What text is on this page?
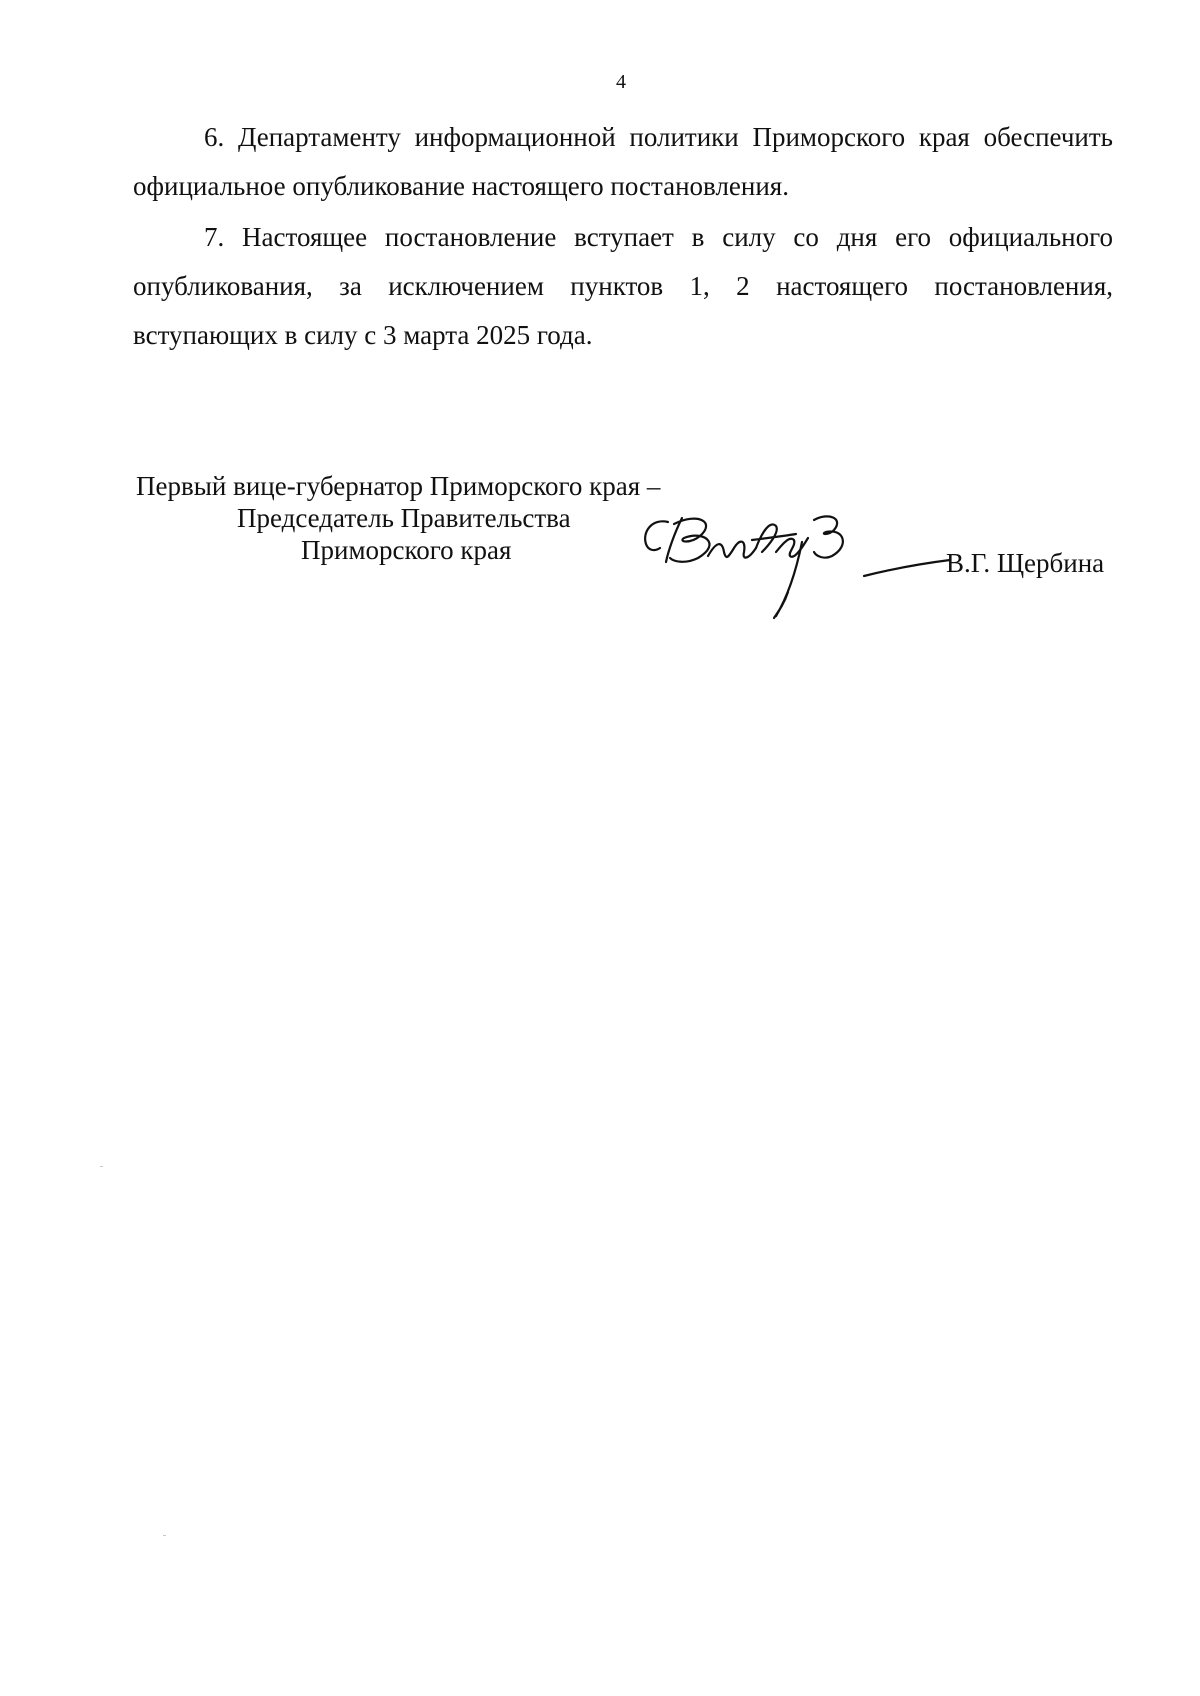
4

6. Департаменту информационной политики Приморского края обеспечить официальное опубликование настоящего постановления.

7. Настоящее постановление вступает в силу со дня его официального опубликования, за исключением пунктов 1, 2 настоящего постановления, вступающих в силу с 3 марта 2025 года.

Первый вице-губернатор Приморского края –
Председатель Правительства
Приморского края	В.Г. Щербина
